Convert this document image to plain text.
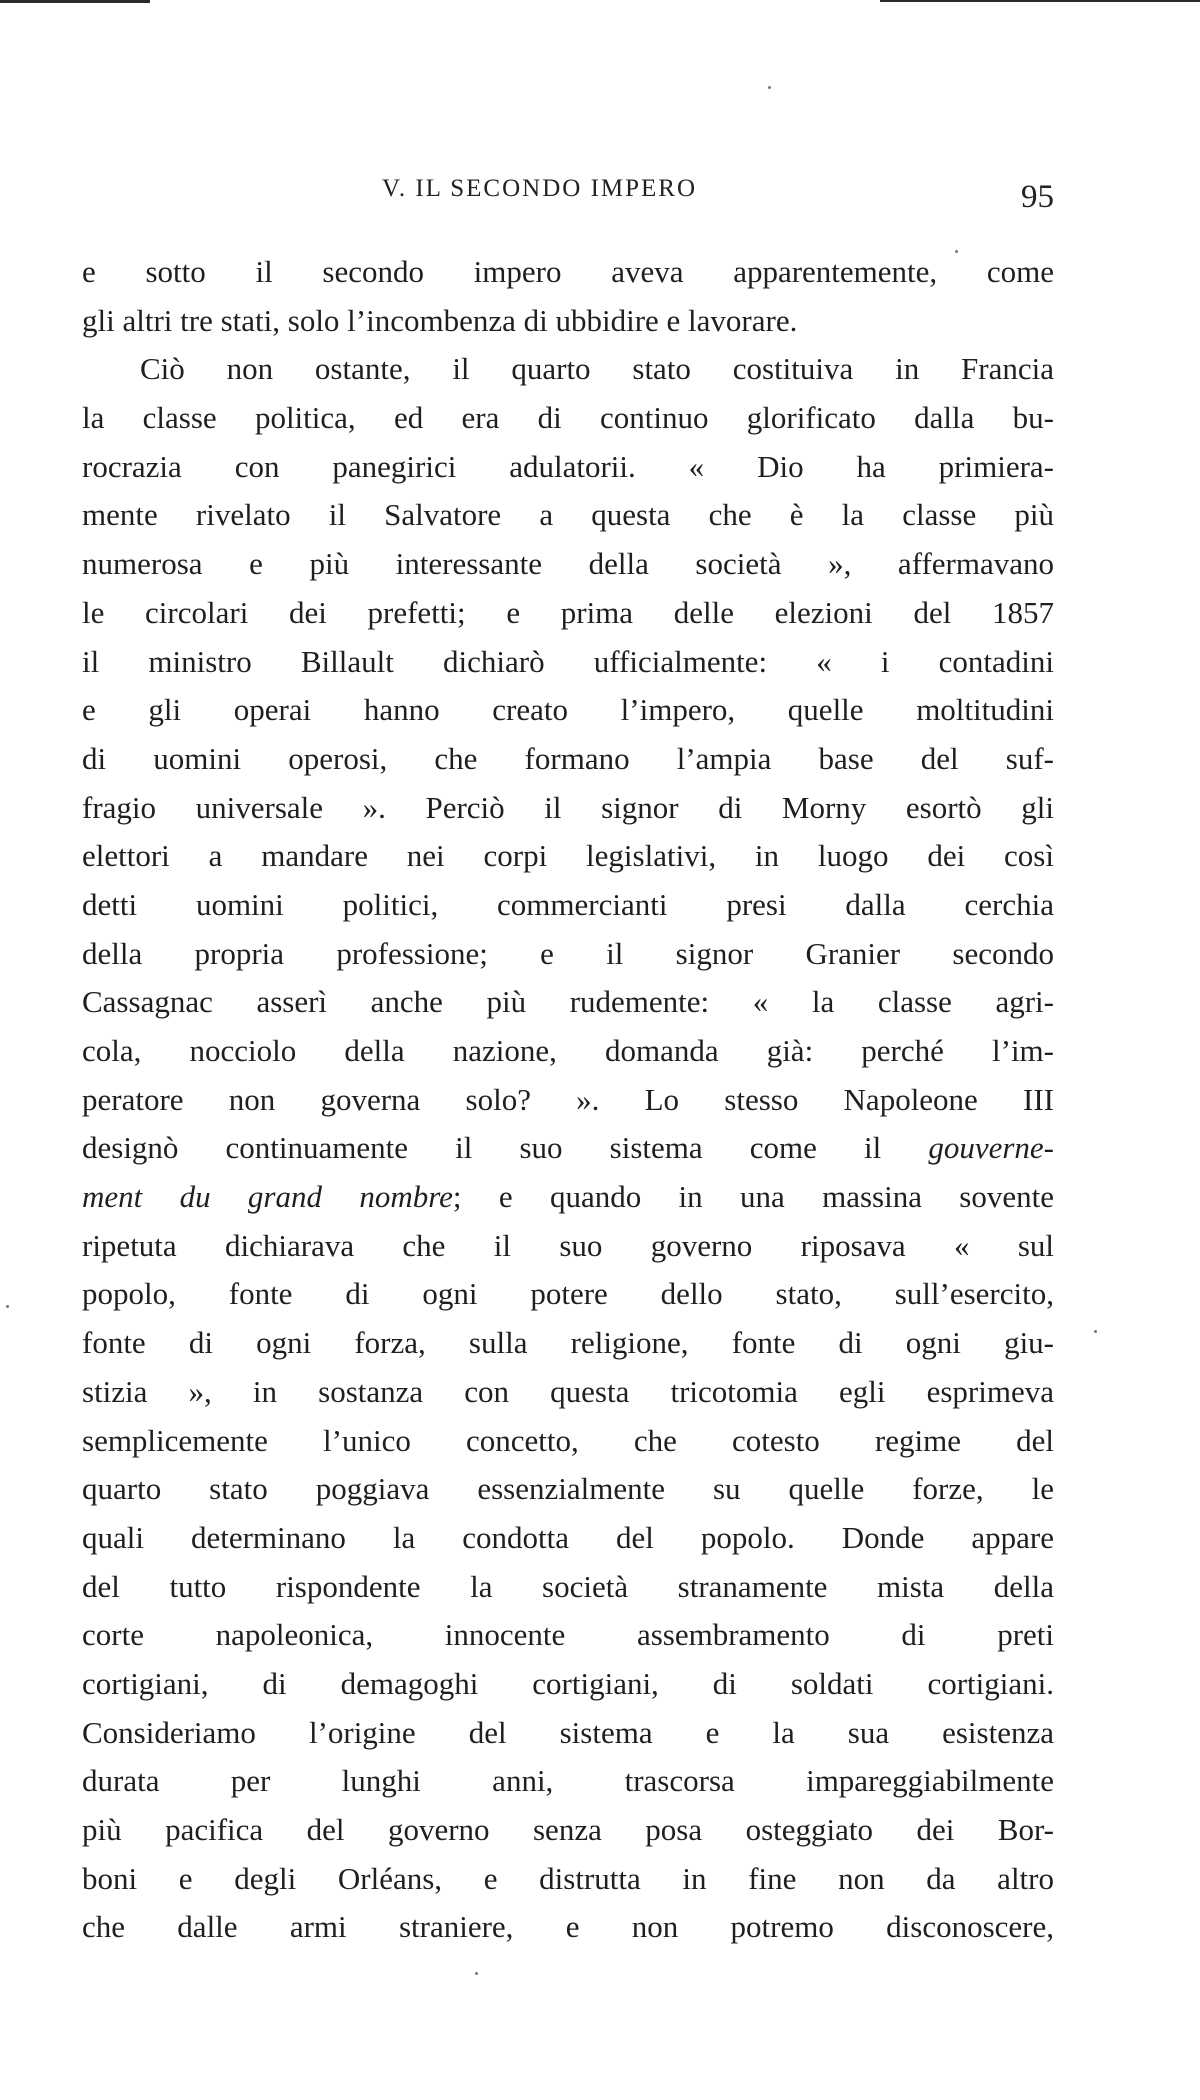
V. IL SECONDO IMPERO	95
e sotto il secondo impero aveva apparentemente, come
gli altri tre stati, solo l’incombenza di ubbidire e lavorare.
Ciò non ostante, il quarto stato costituiva in Francia
la classe politica, ed era di continuo glorificato dalla bu-
rocrazia con panegirici adulatorii. « Dio ha primiera-
mente rivelato il Salvatore a questa che è la classe più
numerosa e più interessante della società », affermavano
le circolari dei prefetti; e prima delle elezioni del 1857
il ministro Billault dichiarò ufficialmente: « i contadini
e gli operai hanno creato l’impero, quelle moltitudini
di uomini operosi, che formano l’ampia base del suf-
fragio universale ». Perciò il signor di Morny esortò gli
elettori a mandare nei corpi legislativi, in luogo dei così
detti uomini politici, commercianti presi dalla cerchia
della propria professione; e il signor Granier secondo
Cassagnac asserì anche più rudemente: « la classe agri-
cola, nocciolo della nazione, domanda già: perché l’im-
peratore non governa solo? ». Lo stesso Napoleone III
designò continuamente il suo sistema come il gouverne-
ment du grand nombre; e quando in una massina sovente
ripetuta dichiarava che il suo governo riposava « sul
popolo, fonte di ogni potere dello stato, sull’esercito,
fonte di ogni forza, sulla religione, fonte di ogni giu-
stizia », in sostanza con questa tricotomia egli esprimeva
semplicemente l’unico concetto, che cotesto regime del
quarto stato poggiava essenzialmente su quelle forze, le
quali determinano la condotta del popolo. Donde appare
del tutto rispondente la società stranamente mista della
corte napoleonica, innocente assembramento di preti
cortigiani, di demagoghi cortigiani, di soldati cortigiani.
Consideriamo l’origine del sistema e la sua esistenza
durata per lunghi anni, trascorsa impareggiabilmente
più pacifica del governo senza posa osteggiato dei Bor-
boni e degli Orléans, e distrutta in fine non da altro
che dalle armi straniere, e non potremo disconoscere,
